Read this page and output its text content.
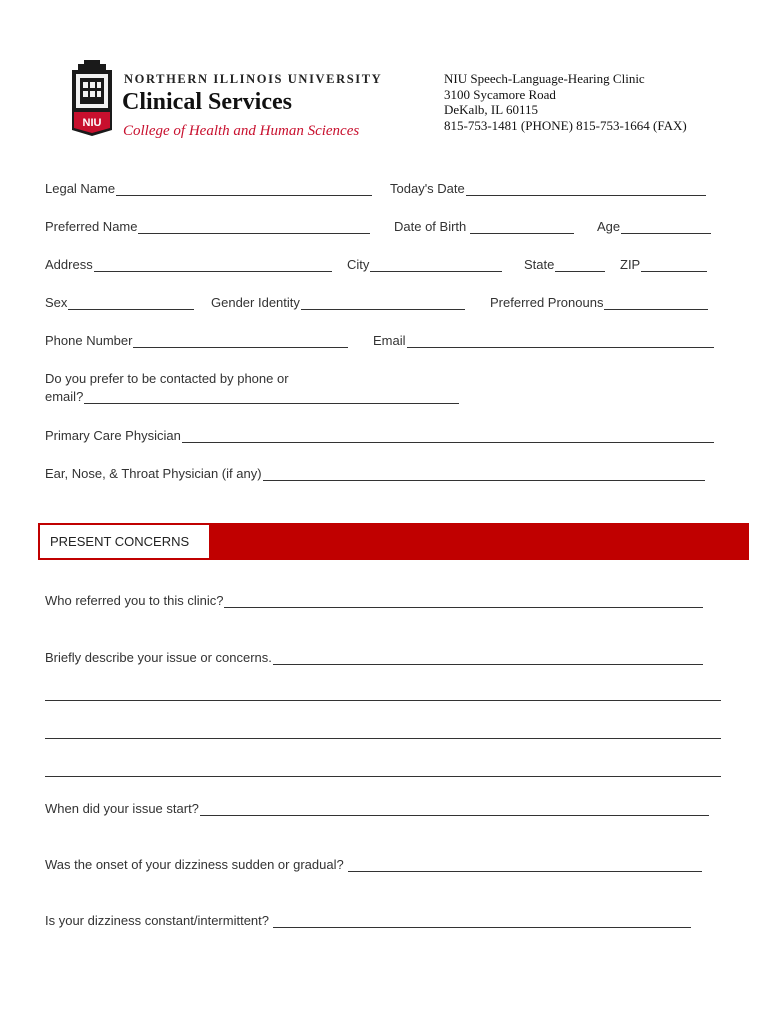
NIU
NORTHERN ILLINOIS UNIVERSITY
Clinical Services
College of Health and Human Sciences
NIU Speech-Language-Hearing Clinic
3100 Sycamore Road
DeKalb, IL 60115
815-753-1481 (PHONE) 815-753-1664 (FAX)
Legal Name	Today's Date
Preferred Name	Date of Birth	Age
Address	City	State	ZIP
Sex	Gender Identity	Preferred Pronouns
Phone Number	Email
Do you prefer to be contacted by phone or
email?
Primary Care Physician
Ear, Nose, & Throat Physician (if any)
PRESENT CONCERNS
Who referred you to this clinic?
Briefly describe your issue or concerns.
When did your issue start?
Was the onset of your dizziness sudden or gradual?
Is your dizziness constant/intermittent?
